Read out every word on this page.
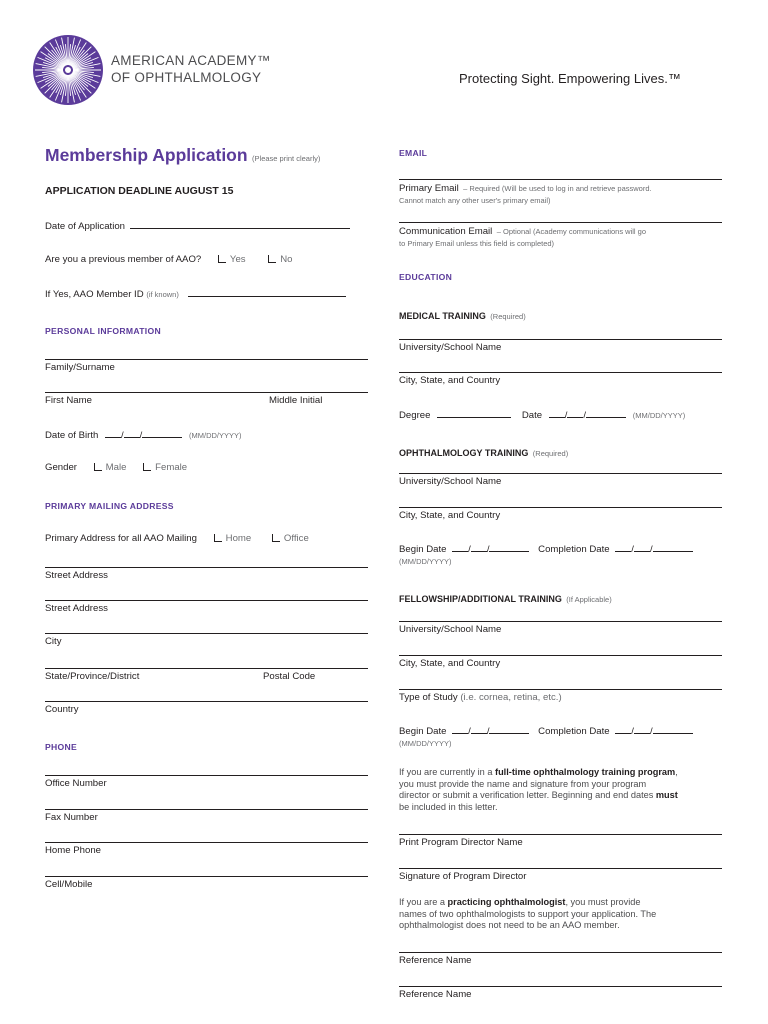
AMERICAN ACADEMY™
OF OPHTHALMOLOGY	Protecting Sight. Empowering Lives.™
Membership Application (Please print clearly)
APPLICATION DEADLINE AUGUST 15
Date of Application
Are you a previous member of AAO?	Yes	No
If Yes, AAO Member ID (if known)
PERSONAL INFORMATION
Family/Surname
First Name	Middle Initial
Date of Birth / /	(MM/DD/YYYY)
Gender	Male	Female
PRIMARY MAILING ADDRESS
Primary Address for all AAO Mailing	Home	Office
Street Address
Street Address
City
State/Province/District	Postal Code
Country
PHONE
Office Number
Fax Number
Home Phone
Cell/Mobile
EMAIL
Primary Email – Required (Will be used to log in and retrieve password.
Cannot match any other user's primary email)
Communication Email – Optional (Academy communications will go
to Primary Email unless this field is completed)
EDUCATION
MEDICAL TRAINING (Required)
University/School Name
City, State, and Country
Degree	Date / /	(MM/DD/YYYY)
OPHTHALMOLOGY TRAINING (Required)
University/School Name
City, State, and Country
Begin Date / /	Completion Date / /
(MM/DD/YYYY)
FELLOWSHIP/ADDITIONAL TRAINING (If Applicable)
University/School Name
City, State, and Country
Type of Study (i.e. cornea, retina, etc.)
Begin Date / /	Completion Date / /
(MM/DD/YYYY)
If you are currently in a full-time ophthalmology training program,
you must provide the name and signature from your program
director or submit a verification letter. Beginning and end dates must
be included in this letter.
Print Program Director Name
Signature of Program Director
If you are a practicing ophthalmologist, you must provide
names of two ophthalmologists to support your application. The
ophthalmologist does not need to be an AAO member.
Reference Name
Reference Name
